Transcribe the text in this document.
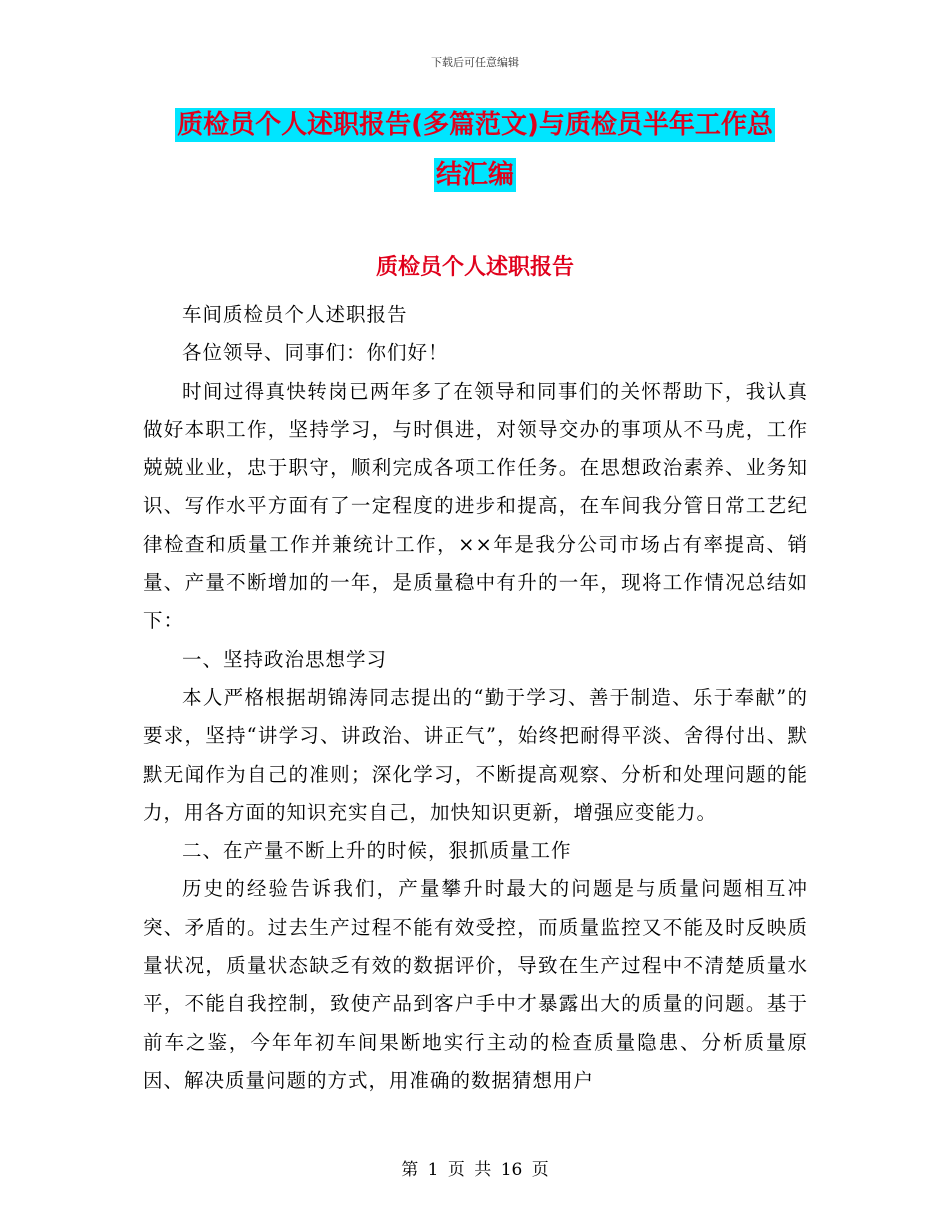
下载后可任意编辑
质检员个人述职报告(多篇范文)与质检员半年工作总
结汇编
质检员个人述职报告

车间质检员个人述职报告

各位领导、同事们：你们好！

时间过得真快转岗已两年多了在领导和同事们的关怀帮助下，我认真做好本职工作，坚持学习，与时俱进，对领导交办的事项从不马虎，工作兢兢业业，忠于职守，顺利完成各项工作任务。在思想政治素养、业务知识、写作水平方面有了一定程度的进步和提高，在车间我分管日常工艺纪律检查和质量工作并兼统计工作，××年是我分公司市场占有率提高、销量、产量不断增加的一年，是质量稳中有升的一年，现将工作情况总结如下：

一、坚持政治思想学习

本人严格根据胡锦涛同志提出的“勤于学习、善于制造、乐于奉献”的要求，坚持“讲学习、讲政治、讲正气”，始终把耐得平淡、舍得付出、默默无闻作为自己的准则；深化学习，不断提高观察、分析和处理问题的能力，用各方面的知识充实自己，加快知识更新，增强应变能力。

二、在产量不断上升的时候，狠抓质量工作

历史的经验告诉我们，产量攀升时最大的问题是与质量问题相互冲突、矛盾的。过去生产过程不能有效受控，而质量监控又不能及时反映质量状况，质量状态缺乏有效的数据评价，导致在生产过程中不清楚质量水平，不能自我控制，致使产品到客户手中才暴露出大的质量的问题。基于前车之鉴，今年年初车间果断地实行主动的检查质量隐患、分析质量原因、解决质量问题的方式，用准确的数据猜想用户

第 1 页 共 16 页
